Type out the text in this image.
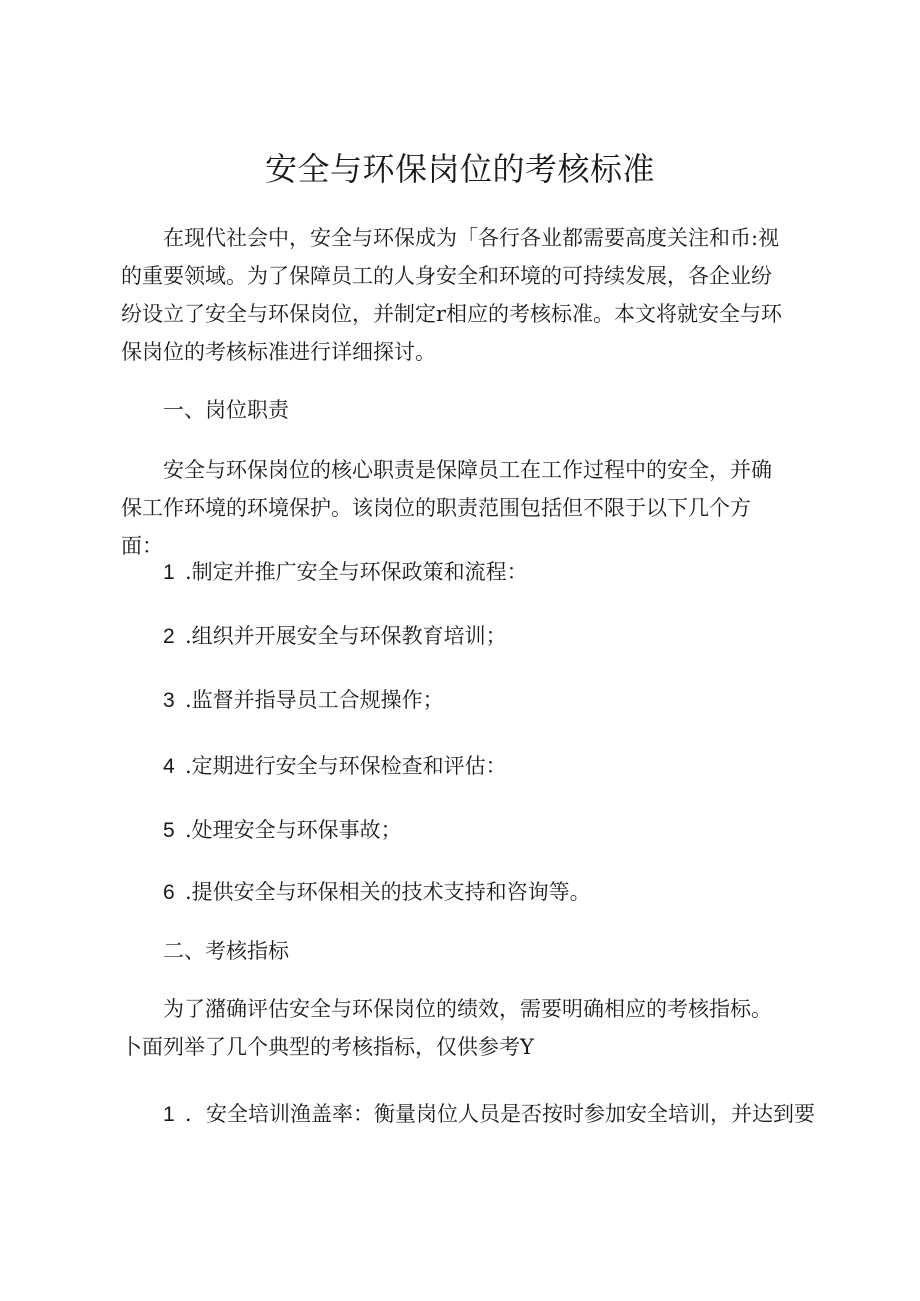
安全与环保岗位的考核标准

在现代社会中，安全与环保成为「各行各业都需要高度关注和币:视的重要领域。为了保障员工的人身安全和环境的可持续发展，各企业纷纷设立了安全与环保岗位，并制定r相应的考核标准。本文将就安全与环保岗位的考核标准进行详细探讨。

一、岗位职责

安全与环保岗位的核心职责是保障员工在工作过程中的安全，并确保工作环境的环境保护。该岗位的职责范围包括但不限于以下几个方面：

1 .制定并推广安全与环保政策和流程：

2 .组织并开展安全与环保教育培训；

3 .监督并指导员工合规操作；

4 .定期进行安全与环保检查和评估：

5 .处理安全与环保事故；

6 .提供安全与环保相关的技术支持和咨询等。

二、考核指标

为了潴确评估安全与环保岗位的绩效，需要明确相应的考核指标。卜面列举了几个典型的考核指标，仅供参考Y

1 ．安全培训渔盖率：衡量岗位人员是否按时参加安全培训，并达到要
